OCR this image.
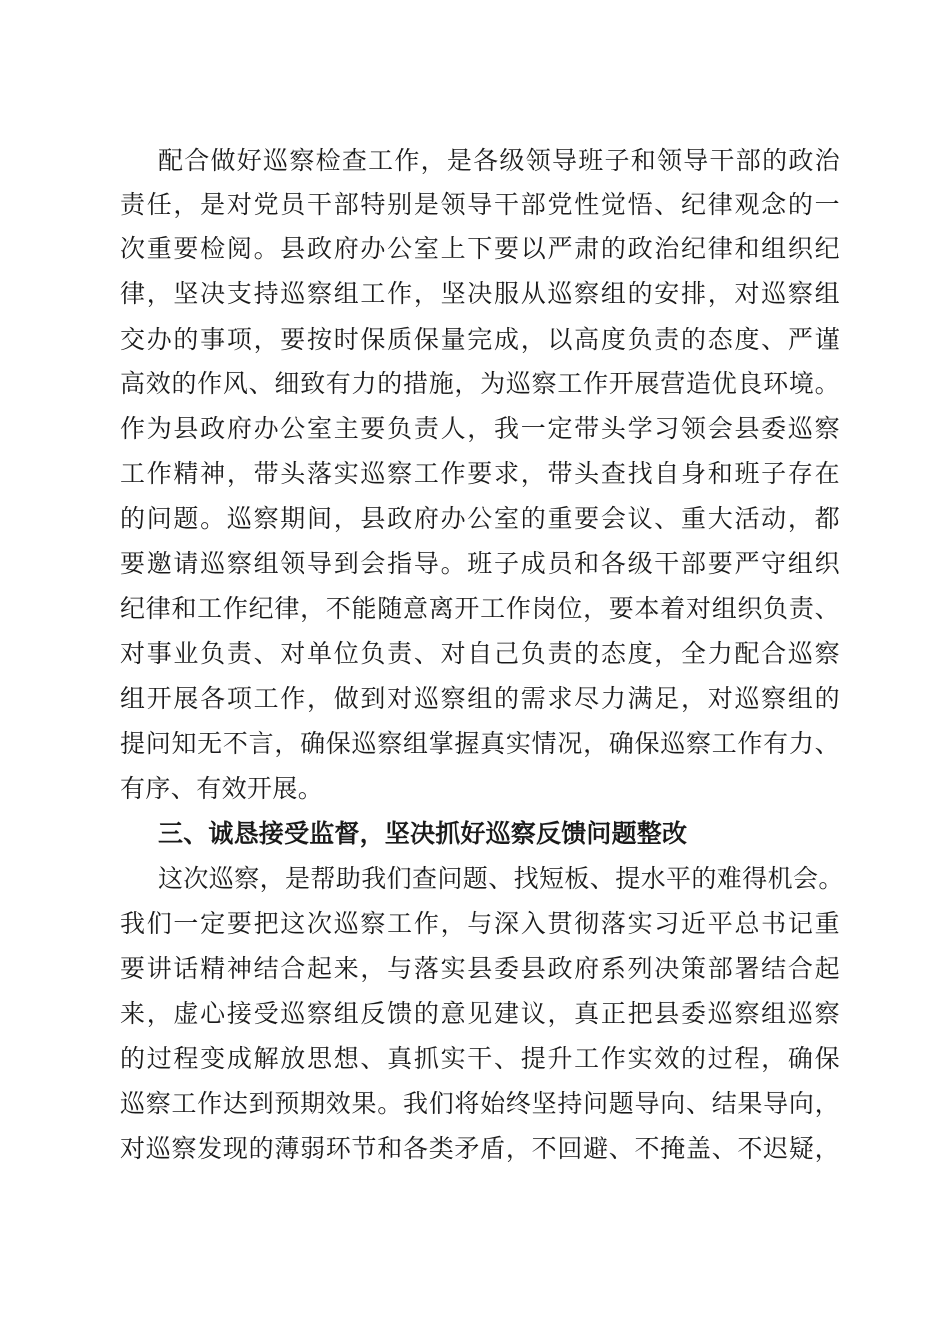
配合做好巡察检查工作，是各级领导班子和领导干部的政治
责任，是对党员干部特别是领导干部党性觉悟、纪律观念的一
次重要检阅。县政府办公室上下要以严肃的政治纪律和组织纪
律，坚决支持巡察组工作，坚决服从巡察组的安排，对巡察组
交办的事项，要按时保质保量完成，以高度负责的态度、严谨
高效的作风、细致有力的措施，为巡察工作开展营造优良环境。
作为县政府办公室主要负责人，我一定带头学习领会县委巡察
工作精神，带头落实巡察工作要求，带头查找自身和班子存在
的问题。巡察期间，县政府办公室的重要会议、重大活动，都
要邀请巡察组领导到会指导。班子成员和各级干部要严守组织
纪律和工作纪律，不能随意离开工作岗位，要本着对组织负责、
对事业负责、对单位负责、对自己负责的态度，全力配合巡察
组开展各项工作，做到对巡察组的需求尽力满足，对巡察组的
提问知无不言，确保巡察组掌握真实情况，确保巡察工作有力、
有序、有效开展。
三、诚恳接受监督，坚决抓好巡察反馈问题整改
这次巡察，是帮助我们查问题、找短板、提水平的难得机会。
我们一定要把这次巡察工作，与深入贯彻落实习近平总书记重
要讲话精神结合起来，与落实县委县政府系列决策部署结合起
来，虚心接受巡察组反馈的意见建议，真正把县委巡察组巡察
的过程变成解放思想、真抓实干、提升工作实效的过程，确保
巡察工作达到预期效果。我们将始终坚持问题导向、结果导向，
对巡察发现的薄弱环节和各类矛盾，不回避、不掩盖、不迟疑，
